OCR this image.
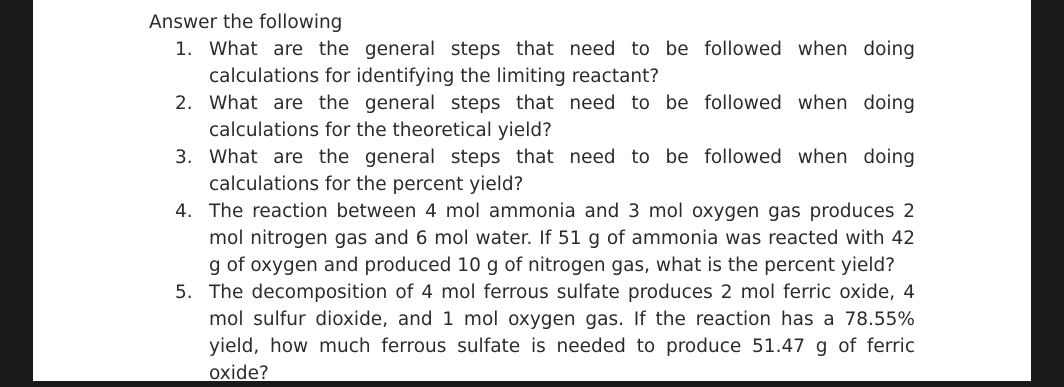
Answer the following
1. What are the general steps that need to be followed when doing calculations for identifying the limiting reactant?
2. What are the general steps that need to be followed when doing calculations for the theoretical yield?
3. What are the general steps that need to be followed when doing calculations for the percent yield?
4. The reaction between 4 mol ammonia and 3 mol oxygen gas produces 2 mol nitrogen gas and 6 mol water. If 51 g of ammonia was reacted with 42 g of oxygen and produced 10 g of nitrogen gas, what is the percent yield?
5. The decomposition of 4 mol ferrous sulfate produces 2 mol ferric oxide, 4 mol sulfur dioxide, and 1 mol oxygen gas. If the reaction has a 78.55% yield, how much ferrous sulfate is needed to produce 51.47 g of ferric oxide?
